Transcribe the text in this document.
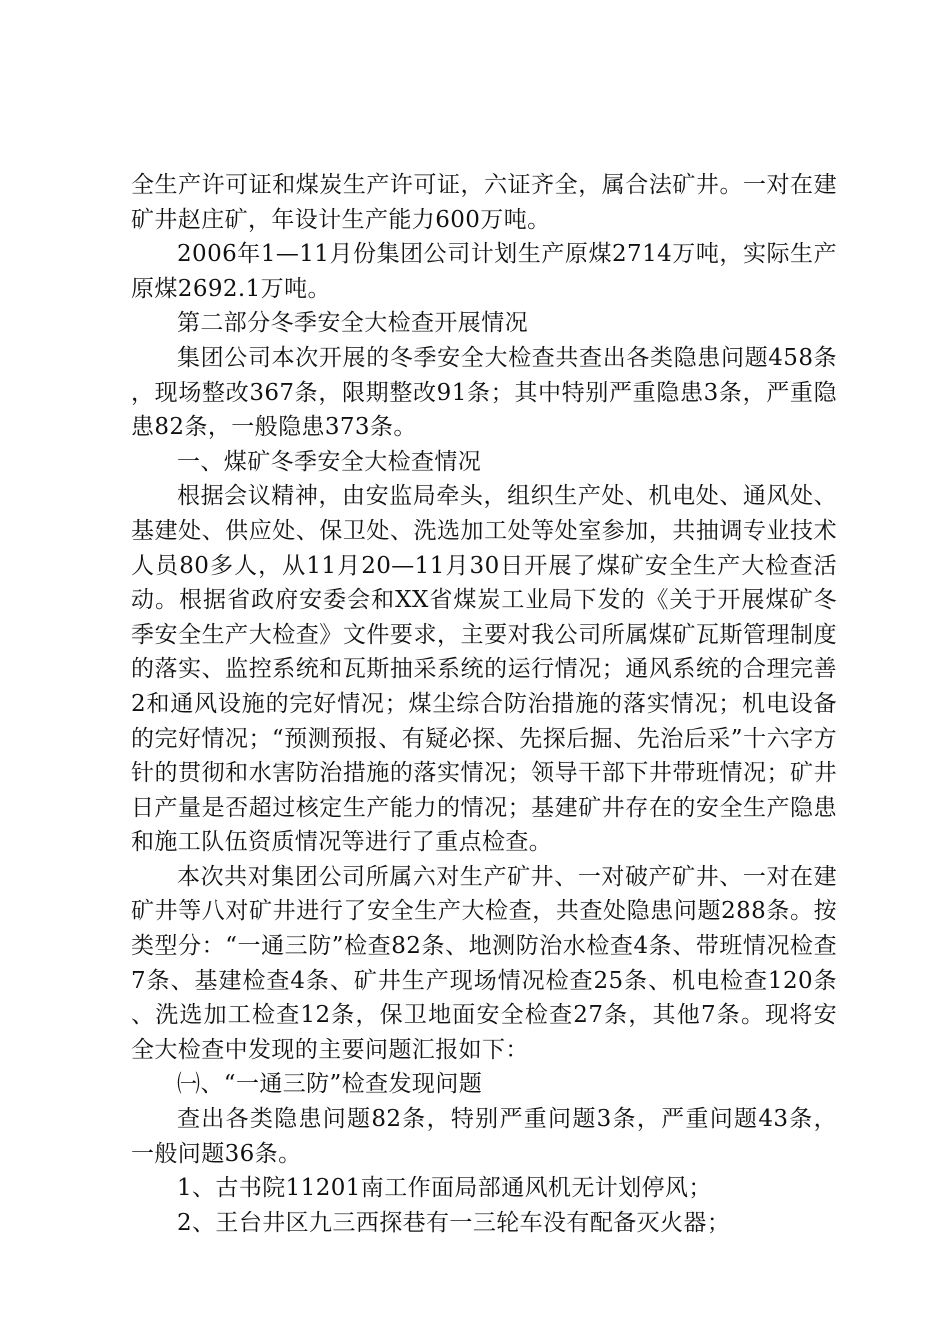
全生产许可证和煤炭生产许可证，六证齐全，属合法矿井。一对在建矿井赵庄矿，年设计生产能力600万吨。

2006年1—11月份集团公司计划生产原煤2714万吨，实际生产原煤2692.1万吨。

第二部分冬季安全大检查开展情况

集团公司本次开展的冬季安全大检查共查出各类隐患问题458条，现场整改367条，限期整改91条；其中特别严重隐患3条，严重隐患82条，一般隐患373条。

一、煤矿冬季安全大检查情况

根据会议精神，由安监局牵头，组织生产处、机电处、通风处、基建处、供应处、保卫处、洗选加工处等处室参加，共抽调专业技术人员80多人，从11月20—11月30日开展了煤矿安全生产大检查活动。根据省政府安委会和XX省煤炭工业局下发的《关于开展煤矿冬季安全生产大检查》文件要求，主要对我公司所属煤矿瓦斯管理制度的落实、监控系统和瓦斯抽采系统的运行情况；通风系统的合理完善2和通风设施的完好情况；煤尘综合防治措施的落实情况；机电设备的完好情况；“预测预报、有疑必探、先探后掘、先治后采”十六字方针的贯彻和水害防治措施的落实情况；领导干部下井带班情况；矿井日产量是否超过核定生产能力的情况；基建矿井存在的安全生产隐患和施工队伍资质情况等进行了重点检查。

本次共对集团公司所属六对生产矿井、一对破产矿井、一对在建矿井等八对矿井进行了安全生产大检查，共查处隐患问题288条。按类型分：“一通三防”检查82条、地测防治水检查4条、带班情况检查7条、基建检查4条、矿井生产现场情况检查25条、机电检查120条、洗选加工检查12条，保卫地面安全检查27条，其他7条。现将安全大检查中发现的主要问题汇报如下：

㈠、“一通三防”检查发现问题

查出各类隐患问题82条，特别严重问题3条，严重问题43条，一般问题36条。

1、古书院11201南工作面局部通风机无计划停风；

2、王台井区九三西探巷有一三轮车没有配备灭火器；
